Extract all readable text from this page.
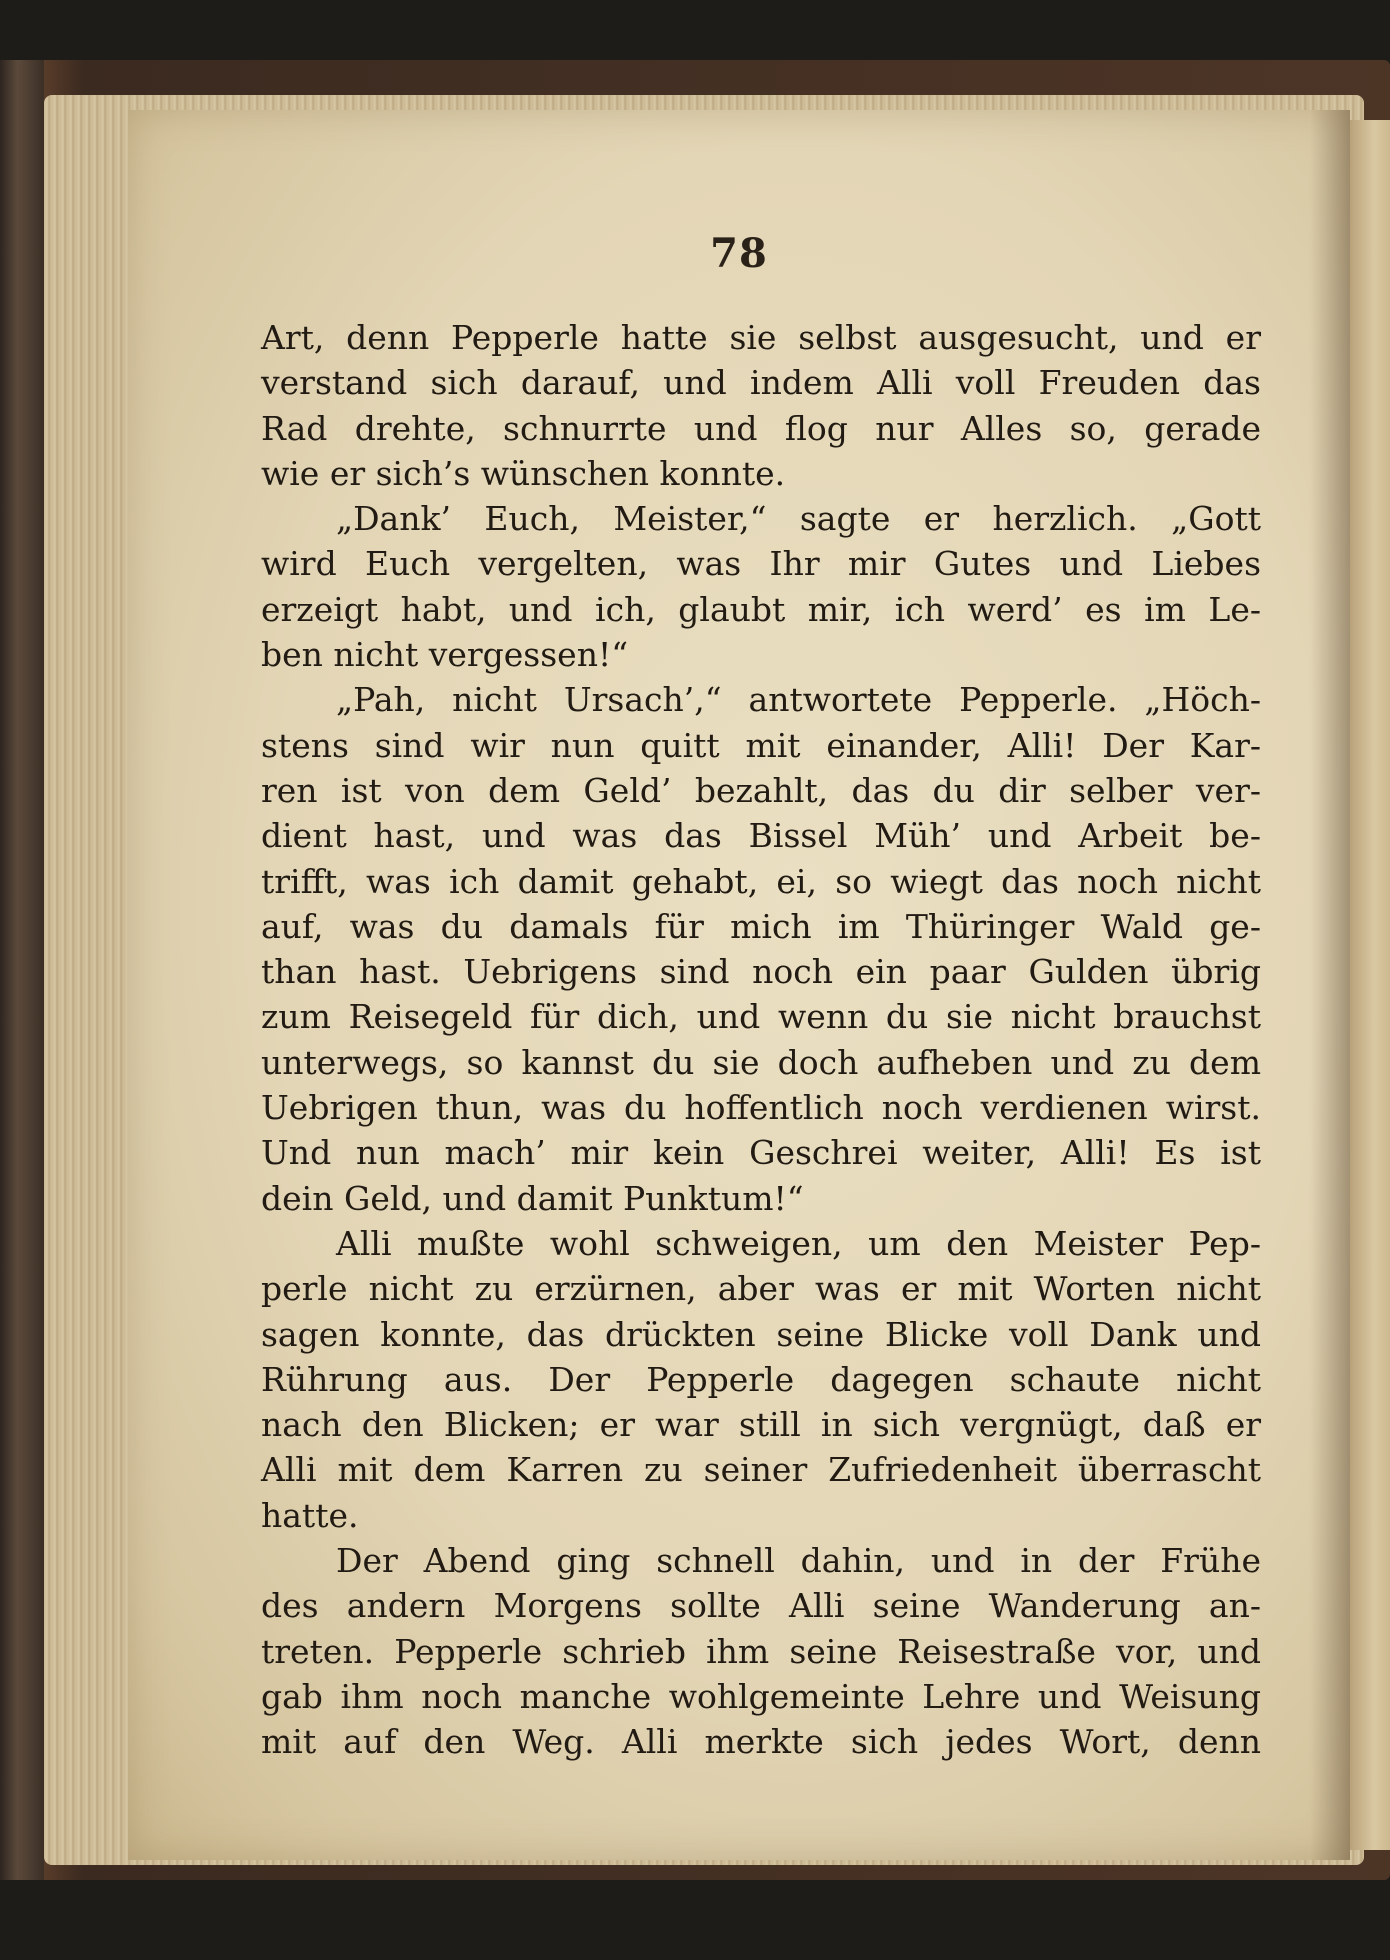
78
Art, denn Pepperle hatte sie selbst ausgesucht, und er
verstand sich darauf, und indem Alli voll Freuden das
Rad drehte, schnurrte und flog nur Alles so, gerade
wie er sich’s wünschen konnte.
„Dank’ Euch, Meister,“ sagte er herzlich. „Gott
wird Euch vergelten, was Ihr mir Gutes und Liebes
erzeigt habt, und ich, glaubt mir, ich werd’ es im Le-
ben nicht vergessen!“
„Pah, nicht Ursach’,“ antwortete Pepperle. „Höch-
stens sind wir nun quitt mit einander, Alli! Der Kar-
ren ist von dem Geld’ bezahlt, das du dir selber ver-
dient hast, und was das Bissel Müh’ und Arbeit be-
trifft, was ich damit gehabt, ei, so wiegt das noch nicht
auf, was du damals für mich im Thüringer Wald ge-
than hast. Uebrigens sind noch ein paar Gulden übrig
zum Reisegeld für dich, und wenn du sie nicht brauchst
unterwegs, so kannst du sie doch aufheben und zu dem
Uebrigen thun, was du hoffentlich noch verdienen wirst.
Und nun mach’ mir kein Geschrei weiter, Alli! Es ist
dein Geld, und damit Punktum!“
Alli mußte wohl schweigen, um den Meister Pep-
perle nicht zu erzürnen, aber was er mit Worten nicht
sagen konnte, das drückten seine Blicke voll Dank und
Rührung aus. Der Pepperle dagegen schaute nicht
nach den Blicken; er war still in sich vergnügt, daß er
Alli mit dem Karren zu seiner Zufriedenheit überrascht
hatte.
Der Abend ging schnell dahin, und in der Frühe
des andern Morgens sollte Alli seine Wanderung an-
treten. Pepperle schrieb ihm seine Reisestraße vor, und
gab ihm noch manche wohlgemeinte Lehre und Weisung
mit auf den Weg. Alli merkte sich jedes Wort, denn
